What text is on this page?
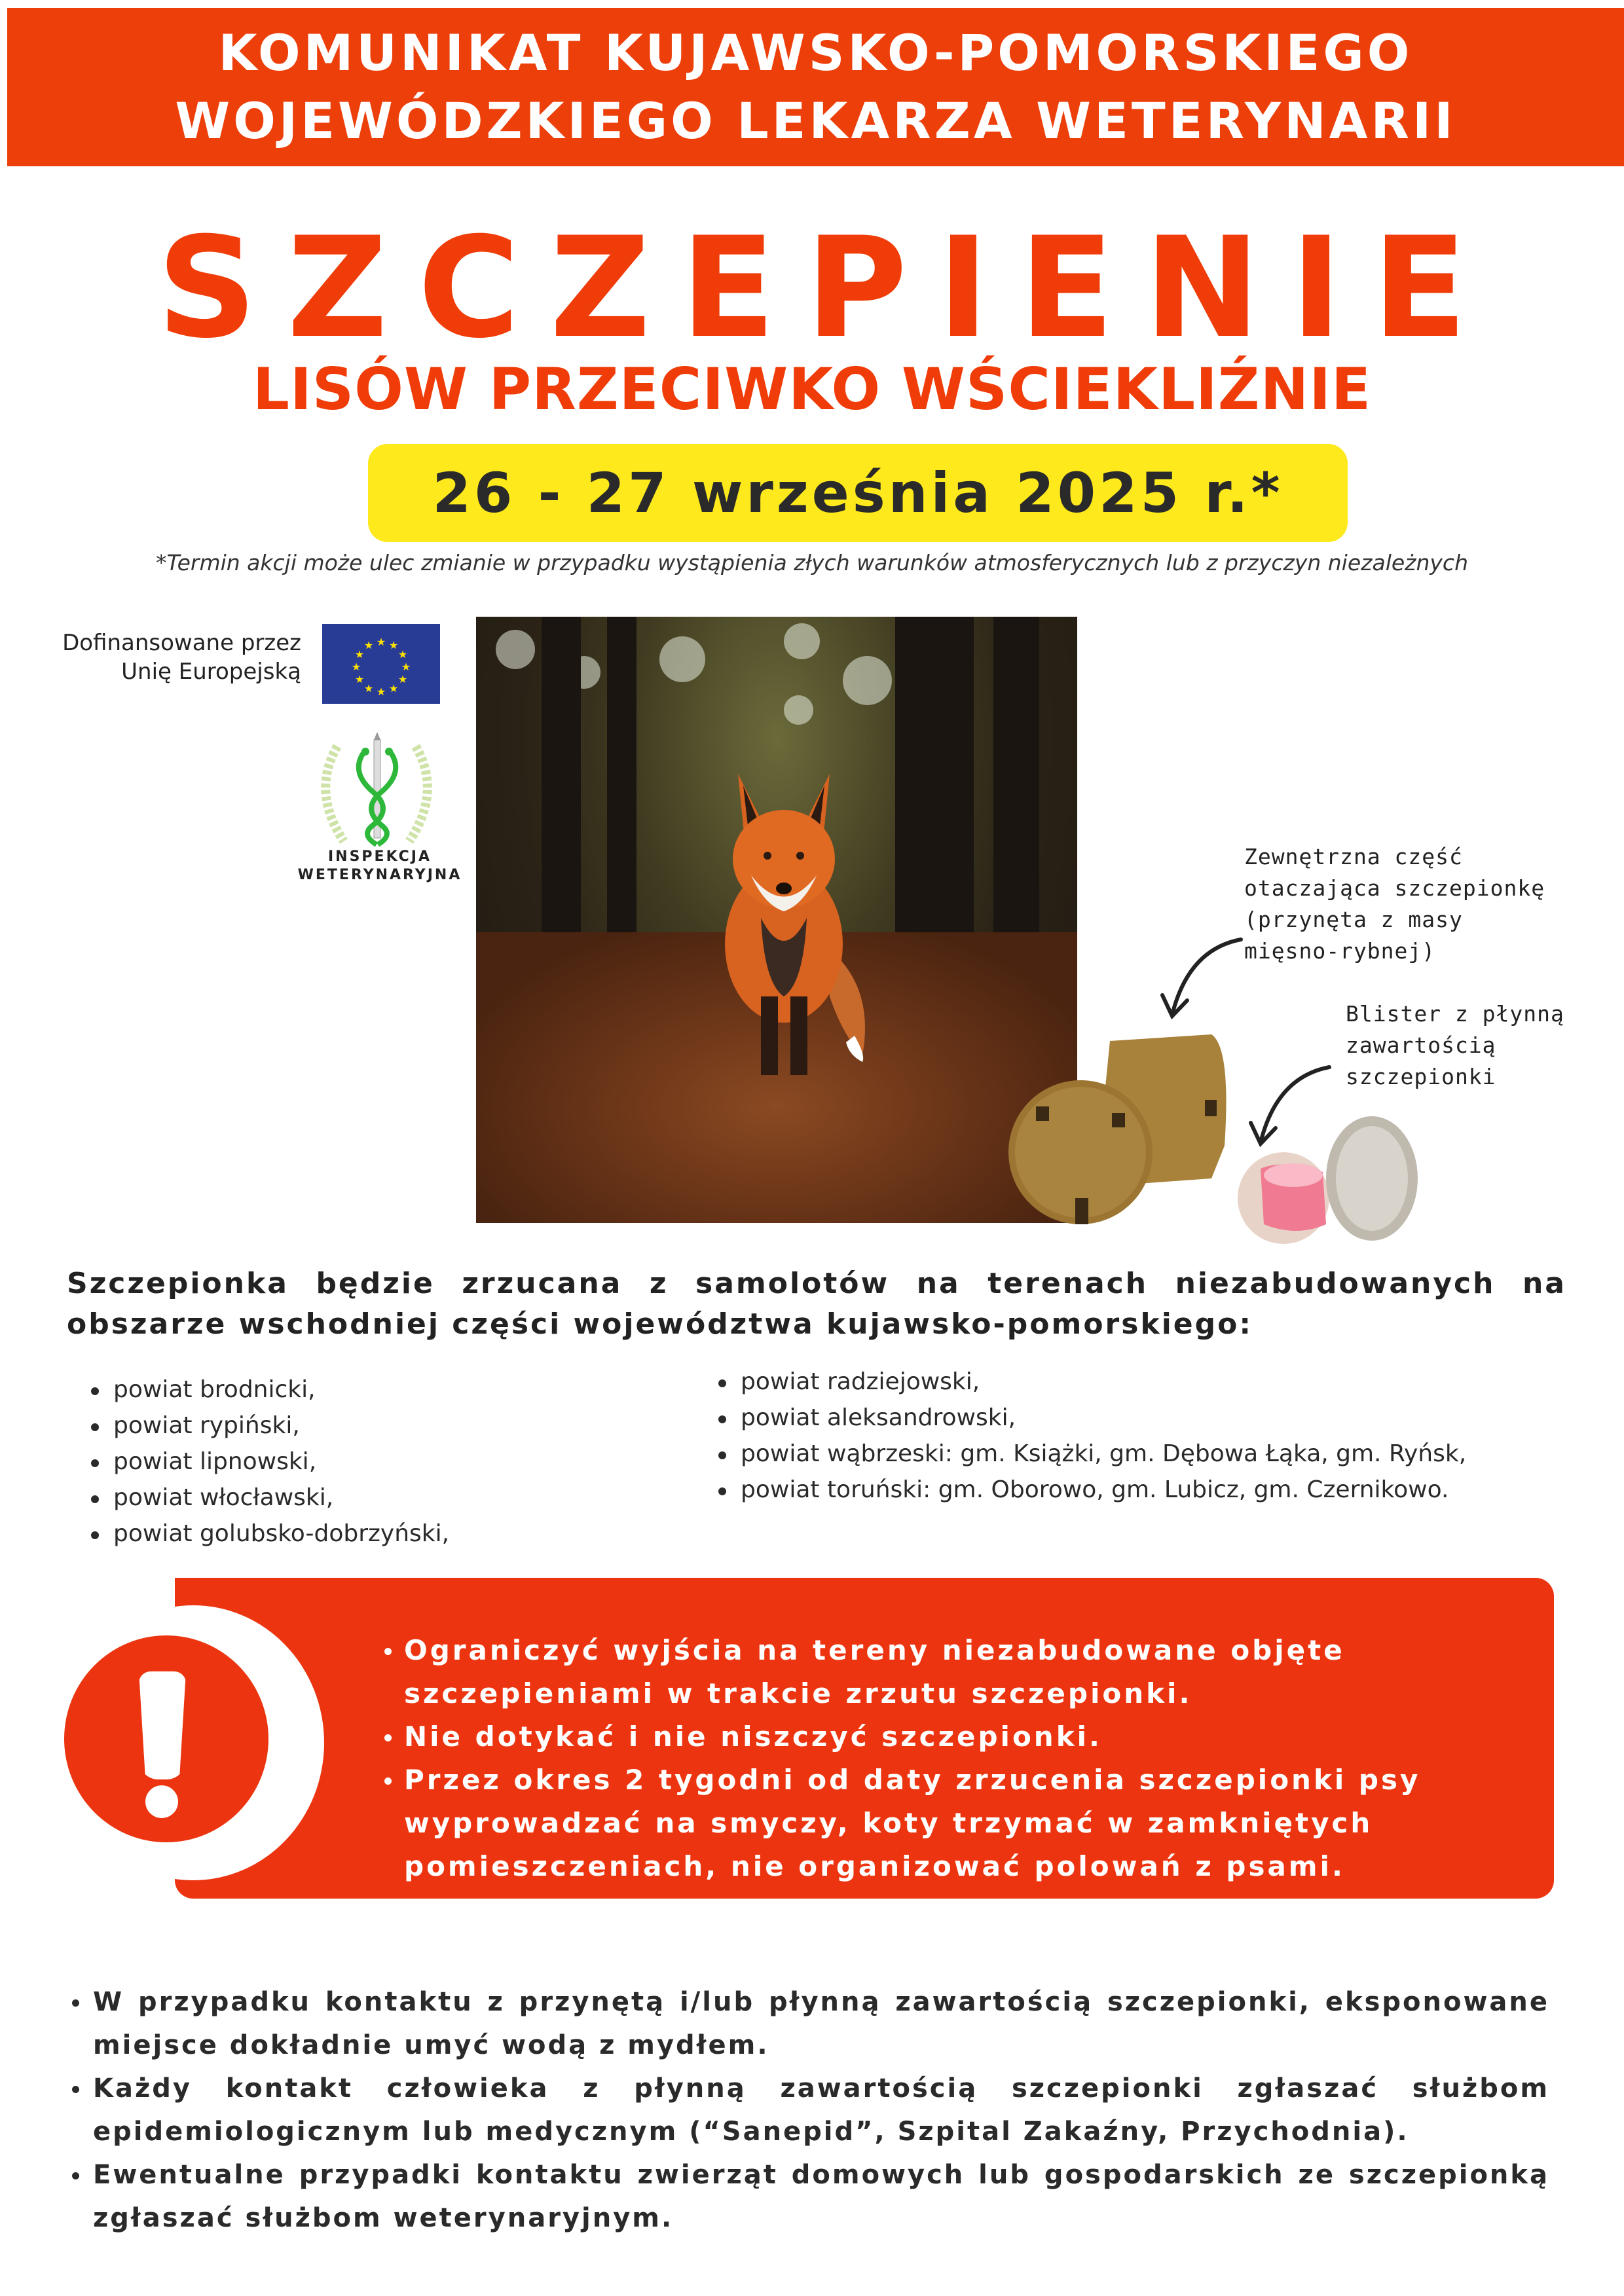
KOMUNIKAT KUJAWSKO-POMORSKIEGO
WOJEWÓDZKIEGO LEKARZA WETERYNARII
SZCZEPIENIE
LISÓW PRZECIWKO WŚCIEKLIŹNIE
26 - 27 września 2025 r.*
*Termin akcji może ulec zmianie w przypadku wystąpienia złych warunków atmosferycznych lub z przyczyn niezależnych
Dofinansowane przez
Unię Europejską
★ ★
★
★
★
★
★
★
★
★
★
★
INSPEKCJA
WETERYNARYJNA
Zewnętrzna część
otaczająca szczepionkę
(przynęta z masy
mięsno-rybnej)
Blister z płynną
zawartością
szczepionki
Szczepionka będzie zrzucana z samolotów na terenach niezabudowanych na obszarze wschodniej części województwa kujawsko-pomorskiego:
powiat brodnicki,
powiat rypiński,
powiat lipnowski,
powiat włocławski,
powiat golubsko-dobrzyński,
powiat radziejowski,
powiat aleksandrowski,
powiat wąbrzeski: gm. Książki, gm. Dębowa Łąka, gm. Ryńsk,
powiat toruński: gm. Oborowo, gm. Lubicz, gm. Czernikowo.
Ograniczyć wyjścia na tereny niezabudowane objęte szczepieniami w trakcie zrzutu szczepionki.
Nie dotykać i nie niszczyć szczepionki.
Przez okres 2 tygodni od daty zrzucenia szczepionki psy wyprowadzać na smyczy, koty trzymać w zamkniętych pomieszczeniach, nie organizować polowań z psami.
W przypadku kontaktu z przynętą i/lub płynną zawartością szczepionki, eksponowane miejsce dokładnie umyć wodą z mydłem.
Każdy kontakt człowieka z płynną zawartością szczepionki zgłaszać służbom epidemiologicznym lub medycznym (“Sanepid”, Szpital Zakaźny, Przychodnia).
Ewentualne przypadki kontaktu zwierząt domowych lub gospodarskich ze szczepionką zgłaszać służbom weterynaryjnym.
